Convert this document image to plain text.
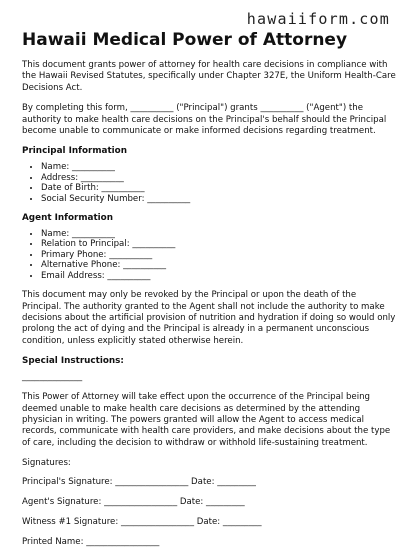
hawaiiform.com
Hawaii Medical Power of Attorney

This document grants power of attorney for health care decisions in compliance with the Hawaii Revised Statutes, specifically under Chapter 327E, the Uniform Health-Care Decisions Act.

By completing this form, __________ ("Principal") grants __________ ("Agent") the authority to make health care decisions on the Principal's behalf should the Principal become unable to communicate or make informed decisions regarding treatment.

Principal Information
• Name: __________
• Address: __________
• Date of Birth: __________
• Social Security Number: __________
Agent Information
• Name: __________
• Relation to Principal: __________
• Primary Phone: __________
• Alternative Phone: __________
• Email Address: __________

This document may only be revoked by the Principal or upon the death of the Principal. The authority granted to the Agent shall not include the authority to make decisions about the artificial provision of nutrition and hydration if doing so would only prolong the act of dying and the Principal is already in a permanent unconscious condition, unless explicitly stated otherwise herein.

Special Instructions:
______________

This Power of Attorney will take effect upon the occurrence of the Principal being deemed unable to make health care decisions as determined by the attending physician in writing. The powers granted will allow the Agent to access medical records, communicate with health care providers, and make decisions about the type of care, including the decision to withdraw or withhold life-sustaining treatment.

Signatures:
Principal's Signature: _________________ Date: _________
Agent's Signature: _________________ Date: _________
Witness #1 Signature: _________________ Date: _________
Printed Name: _________________
